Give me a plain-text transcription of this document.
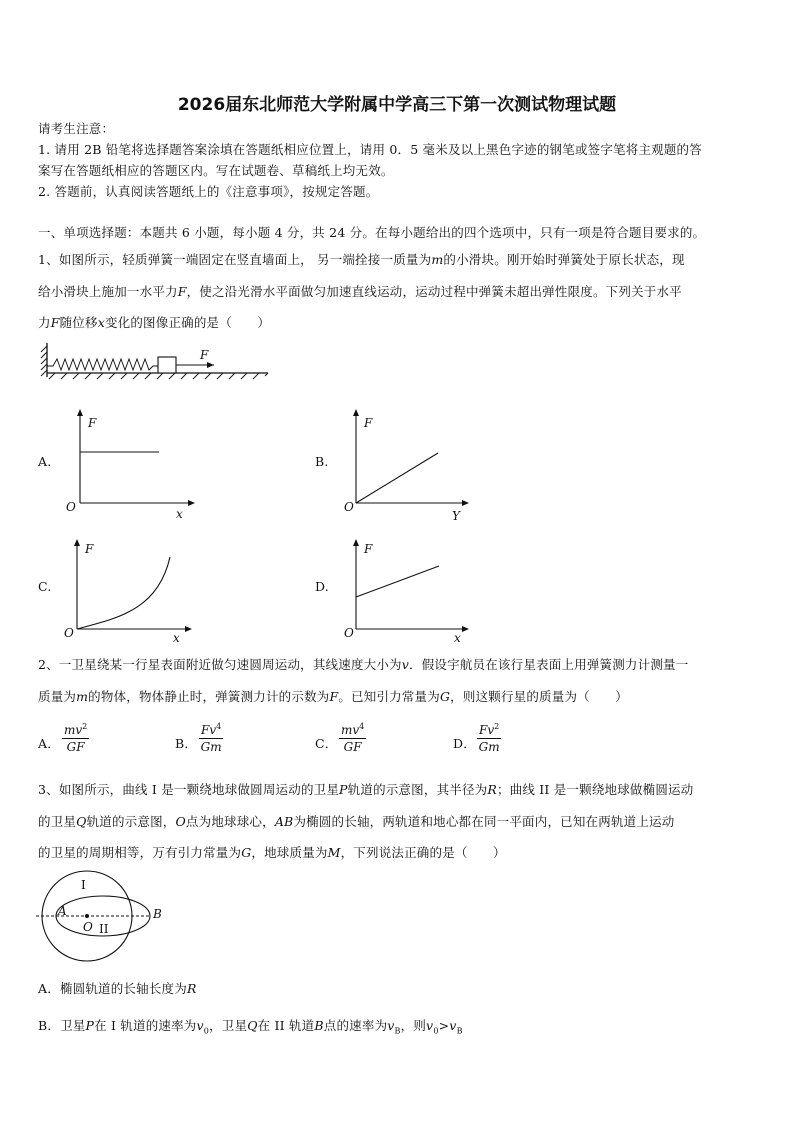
2026届东北师范大学附属中学高三下第一次测试物理试题
请考生注意：
1. 请用 2B 铅笔将选择题答案涂填在答题纸相应位置上，请用 0．5 毫米及以上黑色字迹的钢笔或签字笔将主观题的答
案写在答题纸相应的答题区内。写在试题卷、草稿纸上均无效。
2. 答题前，认真阅读答题纸上的《注意事项》，按规定答题。
一、单项选择题：本题共 6 小题，每小题 4 分，共 24 分。在每小题给出的四个选项中，只有一项是符合题目要求的。
1、如图所示，轻质弹簧一端固定在竖直墙面上， 另一端拴接一质量为m的小滑块。刚开始时弹簧处于原长状态，现
给小滑块上施加一水平力F，使之沿光滑水平面做匀加速直线运动，运动过程中弹簧未超出弹性限度。下列关于水平
力F随位移x变化的图像正确的是（　　）
F
A.	B.
C.	D.
F
O	x
F
O
Y
F
O	x
F
O	x
2、一卫星绕某一行星表面附近做匀速圆周运动，其线速度大小为v．假设宇航员在该行星表面上用弹簧测力计测量一
质量为m的物体，物体静止时，弹簧测力计的示数为F。已知引力常量为G，则这颗行星的质量为（　　）
A． $\frac{mv^2}{GF}$	B． $\frac{Fv^4}{Gm}$	C． $\frac{mv^4}{GF}$	D． $\frac{Fv^2}{Gm}$
3、如图所示，曲线 I 是一颗绕地球做圆周运动的卫星P轨道的示意图，其半径为R；曲线 II 是一颗绕地球做椭圆运动
的卫星Q轨道的示意图，O点为地球球心，AB为椭圆的长轴，两轨道和地心都在同一平面内，已知在两轨道上运动
的卫星的周期相等，万有引力常量为G，地球质量为M，下列说法正确的是（　　）
I
II
A	B
O
A．椭圆轨道的长轴长度为R
B．卫星P在 I 轨道的速率为$v_0$，卫星Q在 II 轨道B点的速率为$v_B$，则$v_0>v_B$
